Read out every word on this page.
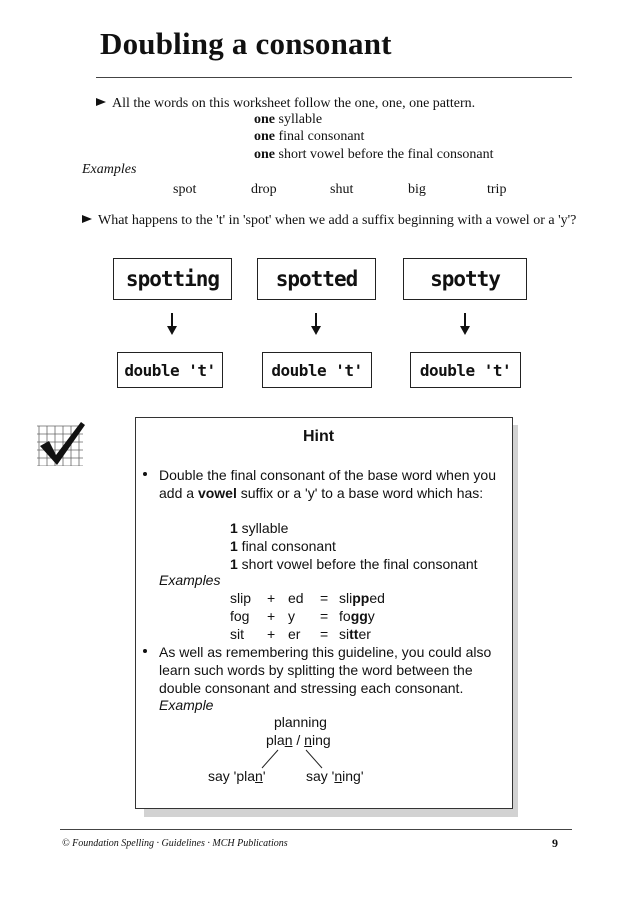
Doubling a consonant
All the words on this worksheet follow the one, one, one pattern.
one syllable
one final consonant
one short vowel before the final consonant
Examples
spot	drop	shut	big	trip
What happens to the 't' in 'spot' when we add a suffix beginning with a vowel or a 'y'?
spotting	spotted	spotty
double 't'	double 't'	double 't'
Hint
Double the final consonant of the base word when you add a vowel suffix or a 'y' to a base word which has:
1 syllable
1 final consonant
1 short vowel before the final consonant
Examples
slip + ed = slipped
fog + y = foggy
sit + er = sitter
As well as remembering this guideline, you could also learn such words by splitting the word between the double consonant and stressing each consonant.
Example
planning
plan / ning
say 'plan'	say 'ning'
© Foundation Spelling · Guidelines · MCH Publications	9
